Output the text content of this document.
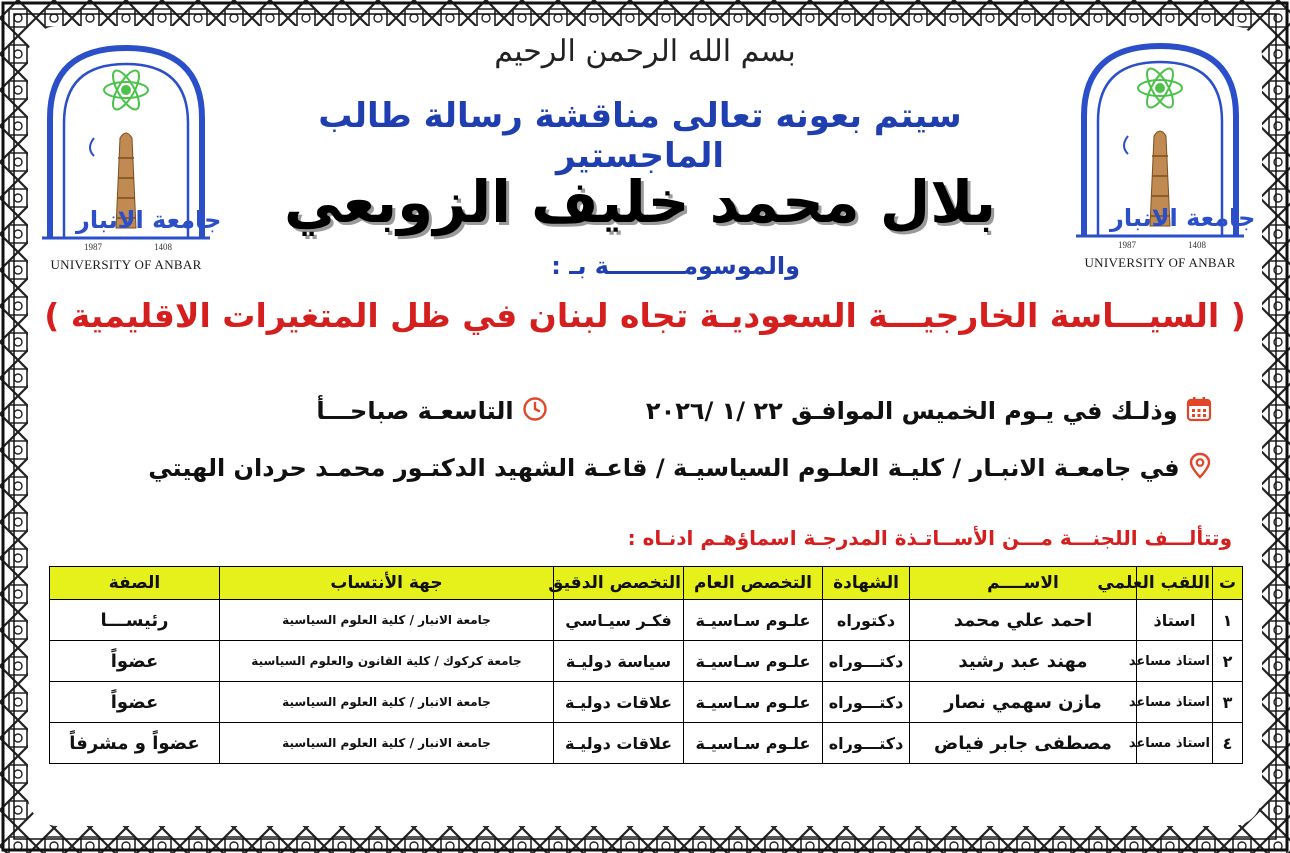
بسم الله الرحمن الرحيم
جامعة الانبار
1987	1408
UNIVERSITY OF ANBAR
جامعة الانبار
1987	1408
UNIVERSITY OF ANBAR
سيتم بعونه تعالى مناقشة رسالة طالب الماجستير
بلال محمد خليف الزوبعي
والموسومـــــــــة بـ :
( السيـــاسة الخارجيـــة السعوديـة تجاه لبنان في ظل المتغيرات الاقليمية )
وذلـك في يـوم الخميس الموافـق ٢٢ /١ /٢٠٢٦
التاسعـة صباحـــأ
في جامعـة الانبـار / كليـة العلـوم السياسيـة / قاعـة الشهيد الدكتـور محمـد حردان الهيتي
وتتألـــف اللجنـــة مـــن الأســاتـذة المدرجـة اسماؤهـم ادنـاه :
ت	اللقب العلمي	الاســــم	الشهادة	التخصص العام	التخصص الدقيق	جهة الأنتساب	الصفة
١	استاذ	احمد علي محمد	دكتوراه	علـوم سـاسيـة	فكـر سيـاسي	جامعة الانبار / كلية العلوم السياسية	رئيســـا
٢	استاذ مساعد	مهند عبد رشيد	دكتـــوراه	علـوم سـاسيـة	سياسة دوليـة	جامعة كركوك / كلية القانون والعلوم السياسية	عضواً
٣	استاذ مساعد	مازن سهمي نصار	دكتـــوراه	علـوم سـاسيـة	علاقات دوليـة	جامعة الانبار / كلية العلوم السياسية	عضواً
٤	استاذ مساعد	مصطفى جابر فياض	دكتـــوراه	علـوم سـاسيـة	علاقات دوليـة	جامعة الانبار / كلية العلوم السياسية	عضواً و مشرفاً
